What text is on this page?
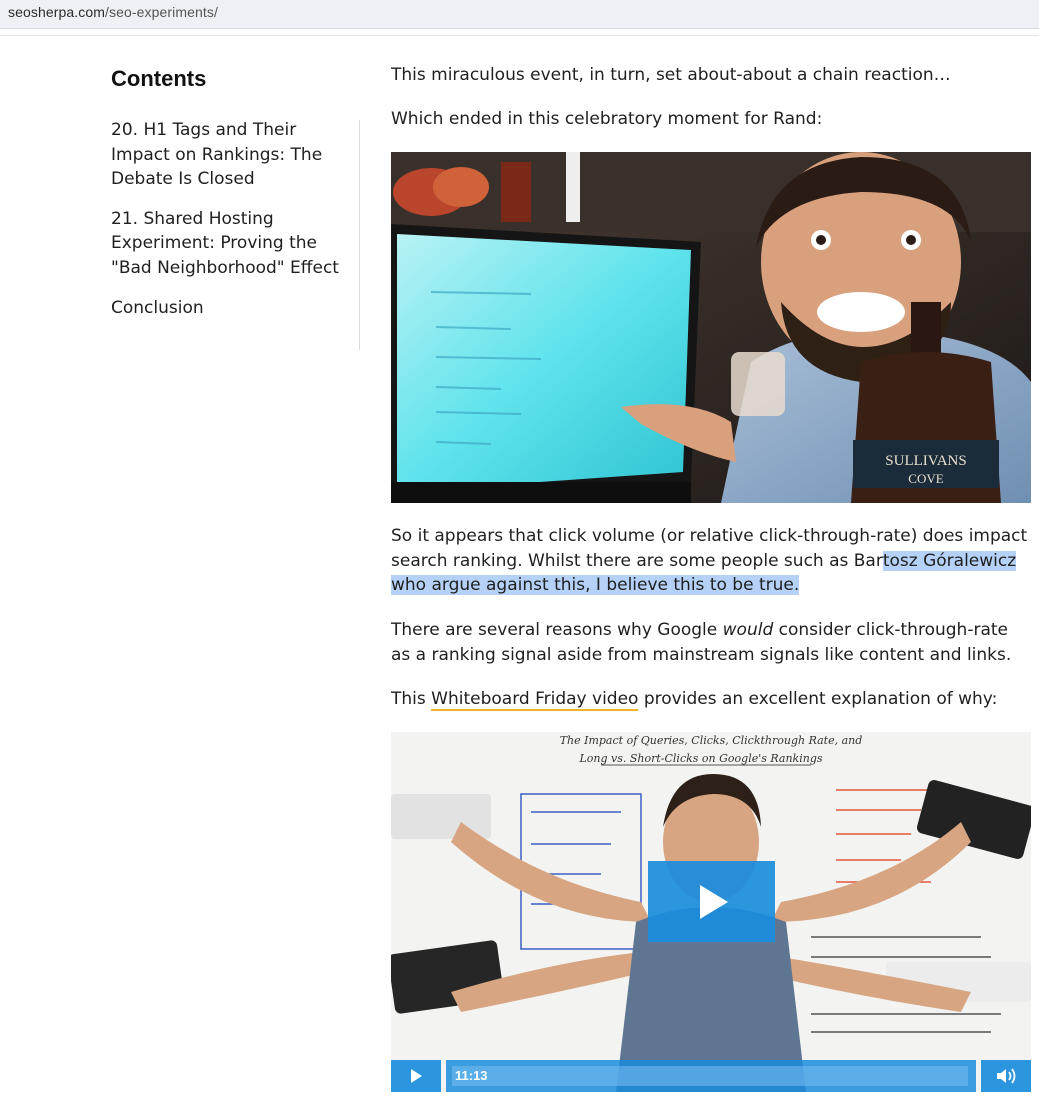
seosherpa.com/seo-experiments/
Contents
20. H1 Tags and Their Impact on Rankings: The Debate Is Closed
21. Shared Hosting Experiment: Proving the "Bad Neighborhood" Effect
Conclusion

This miraculous event, in turn, set about-about a chain reaction…

Which ended in this celebratory moment for Rand:

SULLIVANS
COVE

So it appears that click volume (or relative click-through-rate) does impact search ranking. Whilst there are some people such as Bartosz Góralewicz who argue against this, I believe this to be true.

There are several reasons why Google would consider click-through-rate as a ranking signal aside from mainstream signals like content and links.

This Whiteboard Friday video provides an excellent explanation of why:

The Impact of Queries, Clicks, Clickthrough Rate, and
Long vs. Short-Clicks on Google's Rankings
11:13
